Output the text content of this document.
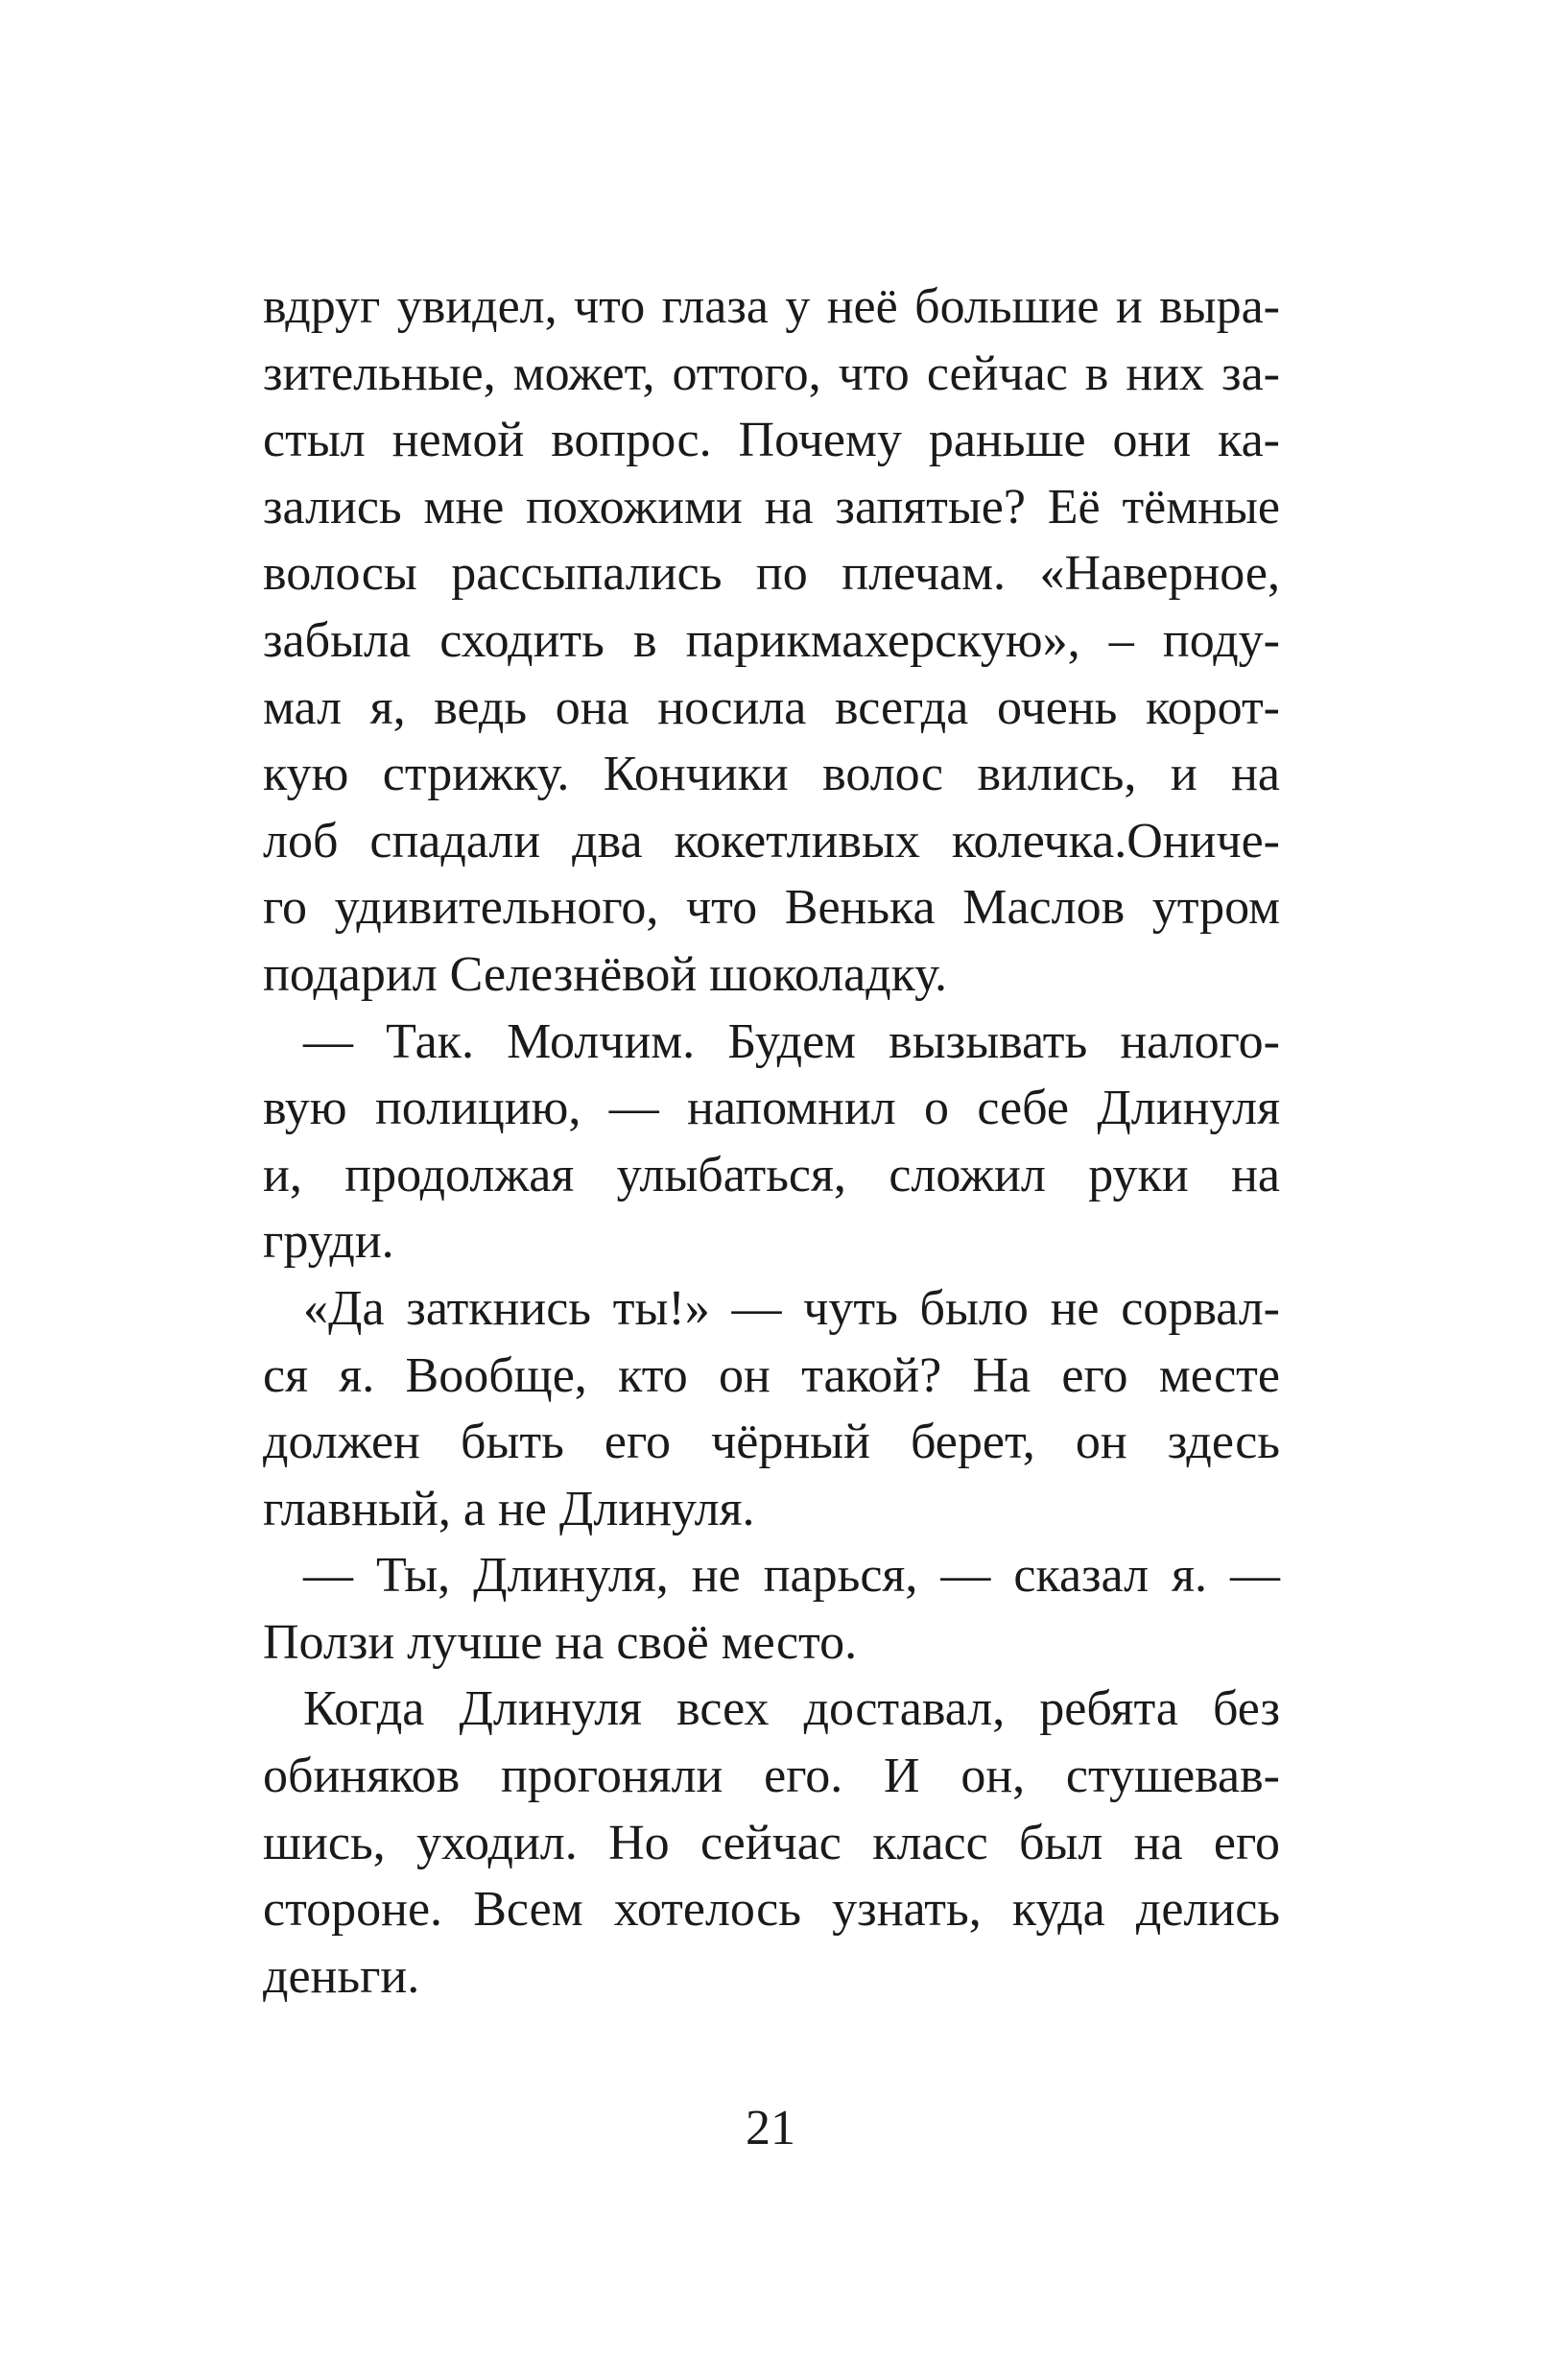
вдруг увидел, что глаза у неё большие и выра-
зительные, может, оттого, что сейчас в них за-
стыл немой вопрос. Почему раньше они ка-
зались мне похожими на запятые? Её тёмные
волосы рассыпались по плечам. «Наверное,
забыла сходить в парикмахерскую», – поду-
мал я, ведь она носила всегда очень корот-
кую стрижку. Кончики волос вились, и на
лоб спадали два кокетливых колечка.Ониче-
го удивительного, что Венька Маслов утром
подарил Селезнёвой шоколадку.
— Так. Молчим. Будем вызывать налого-
вую полицию, — напомнил о себе Длинуля
и, продолжая улыбаться, сложил руки на
груди.
«Да заткнись ты!» — чуть было не сорвал-
ся я. Вообще, кто он такой? На его месте
должен быть его чёрный берет, он здесь
главный, а не Длинуля.
— Ты, Длинуля, не парься, — сказал я. —
Ползи лучше на своё место.
Когда Длинуля всех доставал, ребята без
обиняков прогоняли его. И он, стушевав-
шись, уходил. Но сейчас класс был на его
стороне. Всем хотелось узнать, куда делись
деньги.
21
